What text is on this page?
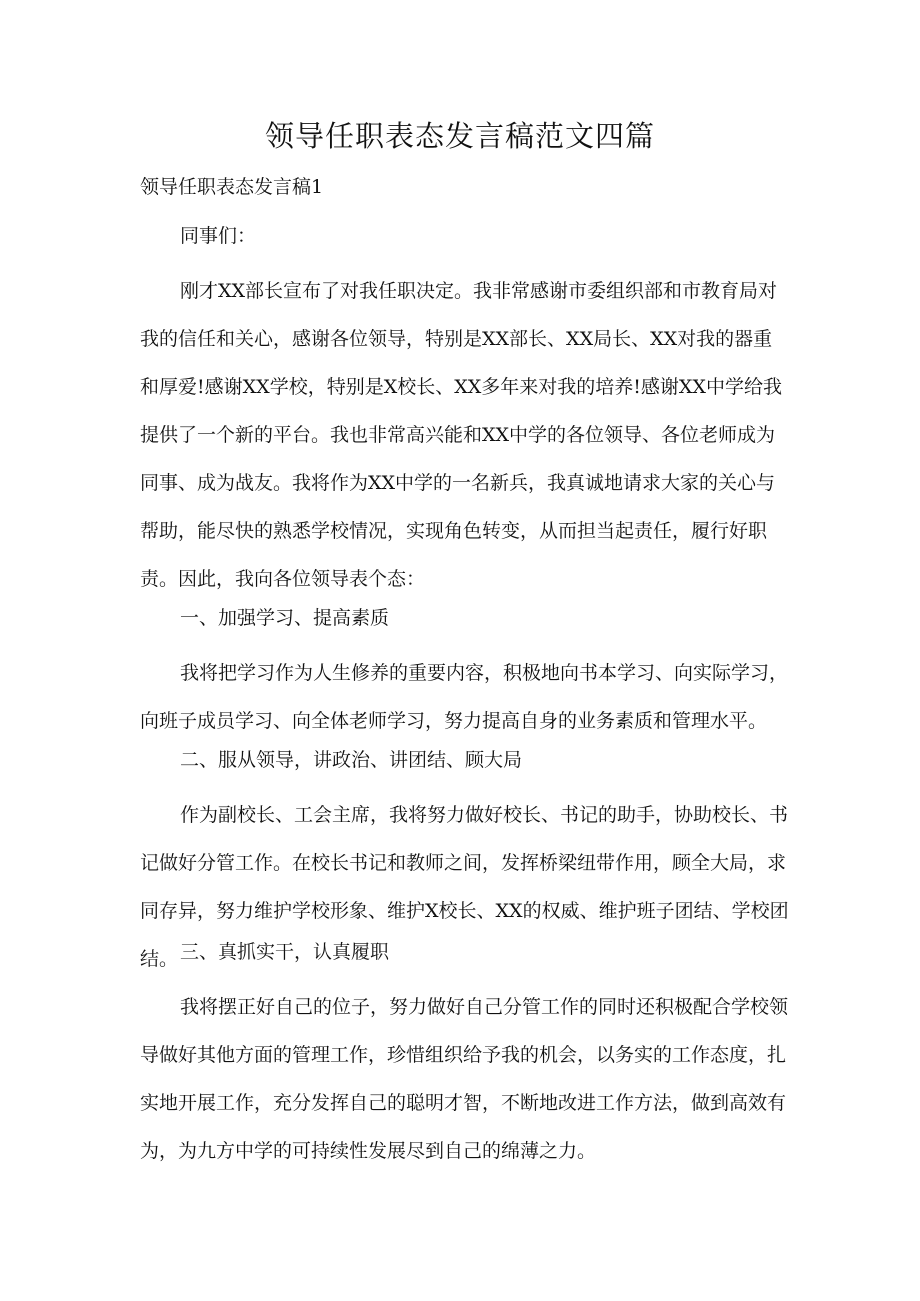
领导任职表态发言稿范文四篇
领导任职表态发言稿1

同事们：

刚才XX部长宣布了对我任职决定。我非常感谢市委组织部和市教育局对我的信任和关心，感谢各位领导，特别是XX部长、XX局长、XX对我的器重和厚爱!感谢XX学校，特别是X校长、XX多年来对我的培养!感谢XX中学给我提供了一个新的平台。我也非常高兴能和XX中学的各位领导、各位老师成为同事、成为战友。我将作为XX中学的一名新兵，我真诚地请求大家的关心与帮助，能尽快的熟悉学校情况，实现角色转变，从而担当起责任，履行好职责。因此，我向各位领导表个态：

一、加强学习、提高素质

我将把学习作为人生修养的重要内容，积极地向书本学习、向实际学习，向班子成员学习、向全体老师学习，努力提高自身的业务素质和管理水平。

二、服从领导，讲政治、讲团结、顾大局

作为副校长、工会主席，我将努力做好校长、书记的助手，协助校长、书记做好分管工作。在校长书记和教师之间，发挥桥梁纽带作用，顾全大局，求同存异，努力维护学校形象、维护X校长、XX的权威、维护班子团结、学校团结。 三、真抓实干，认真履职

我将摆正好自己的位子，努力做好自己分管工作的同时还积极配合学校领导做好其他方面的管理工作，珍惜组织给予我的机会，以务实的工作态度，扎实地开展工作，充分发挥自己的聪明才智，不断地改进工作方法，做到高效有为，为九方中学的可持续性发展尽到自己的绵薄之力。
